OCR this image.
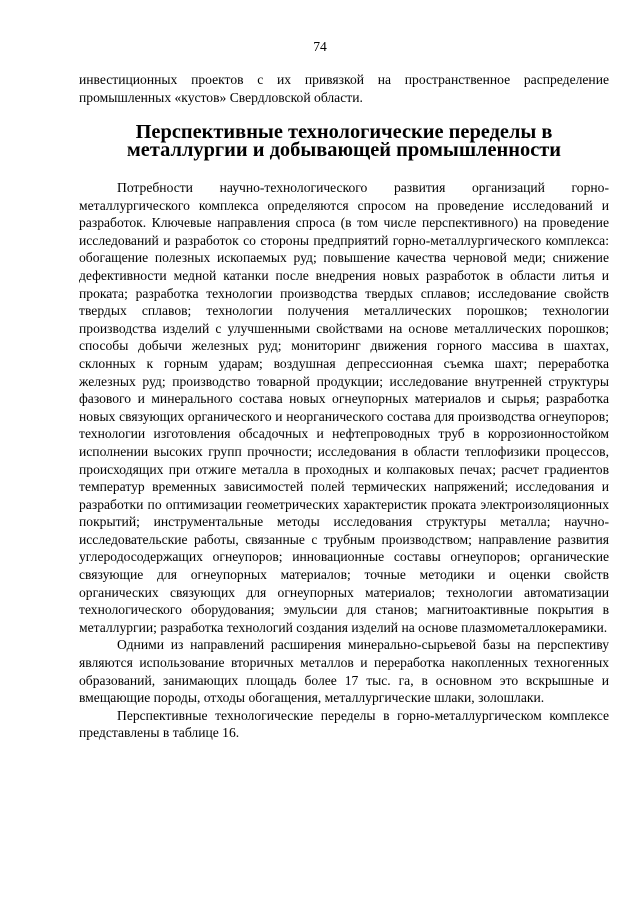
74

инвестиционных проектов с их привязкой на пространственное распределение промышленных «кустов» Свердловской области.

Перспективные технологические переделы в металлургии и добывающей промышленности

Потребности научно-технологического развития организаций горно-металлургического комплекса определяются спросом на проведение исследований и разработок. Ключевые направления спроса (в том числе перспективного) на проведение исследований и разработок со стороны предприятий горно-металлургического комплекса: обогащение полезных ископаемых руд; повышение качества черновой меди; снижение дефективности медной катанки после внедрения новых разработок в области литья и проката; разработка технологии производства твердых сплавов; исследование свойств твердых сплавов; технологии получения металлических порошков; технологии производства изделий с улучшенными свойствами на основе металлических порошков; способы добычи железных руд; мониторинг движения горного массива в шахтах, склонных к горным ударам; воздушная депрессионная съемка шахт; переработка железных руд; производство товарной продукции; исследование внутренней структуры фазового и минерального состава новых огнеупорных материалов и сырья; разработка новых связующих органического и неорганического состава для производства огнеупоров; технологии изготовления обсадочных и нефтепроводных труб в коррозионностойком исполнении высоких групп прочности; исследования в области теплофизики процессов, происходящих при отжиге металла в проходных и колпаковых печах; расчет градиентов температур временных зависимостей полей термических напряжений; исследования и разработки по оптимизации геометрических характеристик проката электроизоляционных покрытий; инструментальные методы исследования структуры металла; научно-исследовательские работы, связанные с трубным производством; направление развития углеродосодержащих огнеупоров; инновационные составы огнеупоров; органические связующие для огнеупорных материалов; точные методики и оценки свойств органических связующих для огнеупорных материалов; технологии автоматизации технологического оборудования; эмульсии для станов; магнитоактивные покрытия в металлургии; разработка технологий создания изделий на основе плазмометаллокерамики.

Одними из направлений расширения минерально-сырьевой базы на перспективу являются использование вторичных металлов и переработка накопленных техногенных образований, занимающих площадь более 17 тыс. га, в основном это вскрышные и вмещающие породы, отходы обогащения, металлургические шлаки, золошлаки.

Перспективные технологические переделы в горно-металлургическом комплексе представлены в таблице 16.
